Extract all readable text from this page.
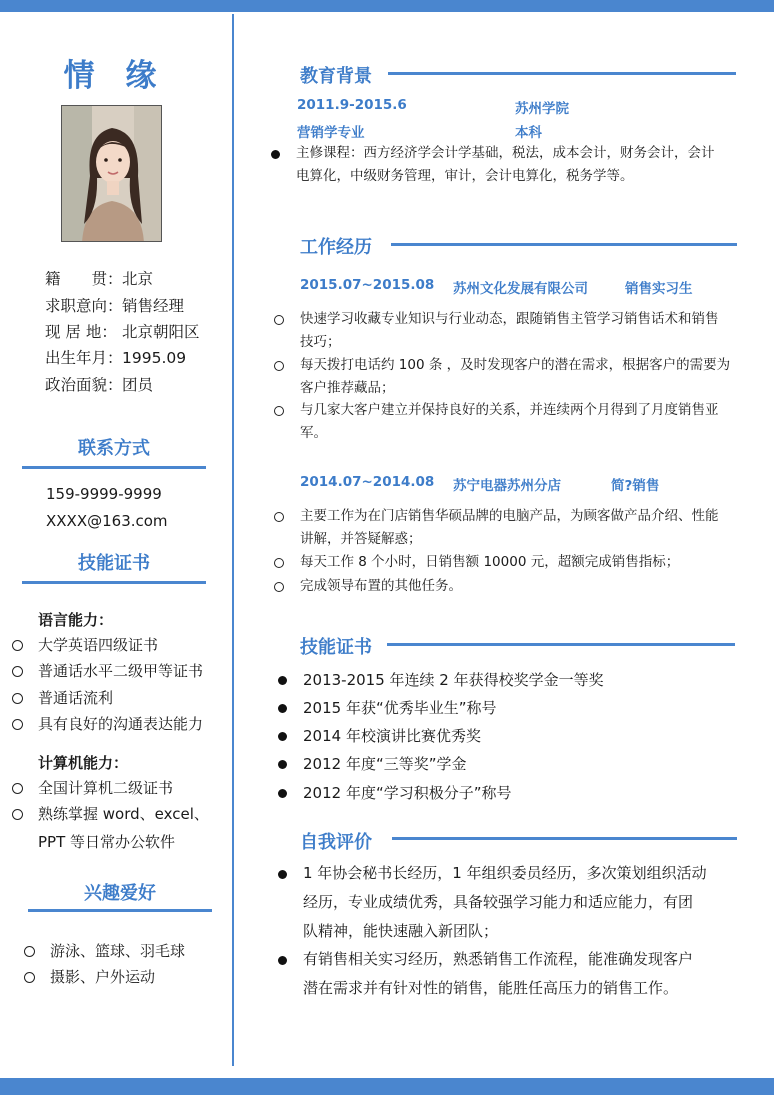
情 缘
籍　　贯：北京
求职意向：销售经理
现 居 地： 北京朝阳区
出生年月：1995.09
政治面貌：团员
联系方式
159-9999-9999
XXXX@163.com
技能证书
语言能力：
大学英语四级证书
普通话水平二级甲等证书
普通话流利
具有良好的沟通表达能力
计算机能力：
全国计算机二级证书
熟练掌握 word、excel、
PPT 等日常办公软件
兴趣爱好
游泳、篮球、羽毛球
摄影、户外运动
教育背景
2011.9-2015.6	苏州学院
营销学专业	本科
主修课程：西方经济学会计学基础，税法，成本会计，财务会计，会计
电算化，中级财务管理，审计，会计电算化，税务学等。
工作经历
2015.07~2015.08 苏州文化发展有限公司	销售实习生
快速学习收藏专业知识与行业动态，跟随销售主管学习销售话术和销售
技巧；
每天拨打电话约 100 条 ，及时发现客户的潜在需求，根据客户的需要为
客户推荐藏品；
与几家大客户建立并保持良好的关系，并连续两个月得到了月度销售亚
军。
2014.07~2014.08 苏宁电器苏州分店	简?销售
主要工作为在门店销售华硕品牌的电脑产品，为顾客做产品介绍、性能
讲解，并答疑解惑；
每天工作 8 个小时，日销售额 10000 元，超额完成销售指标；
完成领导布置的其他任务。
技能证书
2013-2015 年连续 2 年获得校奖学金一等奖
2015 年获“优秀毕业生”称号
2014 年校演讲比赛优秀奖
2012 年度“三等奖”学金
2012 年度“学习积极分子”称号
自我评价
1 年协会秘书长经历，1 年组织委员经历，多次策划组织活动
经历，专业成绩优秀，具备较强学习能力和适应能力，有团
队精神，能快速融入新团队；
有销售相关实习经历，熟悉销售工作流程，能准确发现客户
潜在需求并有针对性的销售，能胜任高压力的销售工作。
